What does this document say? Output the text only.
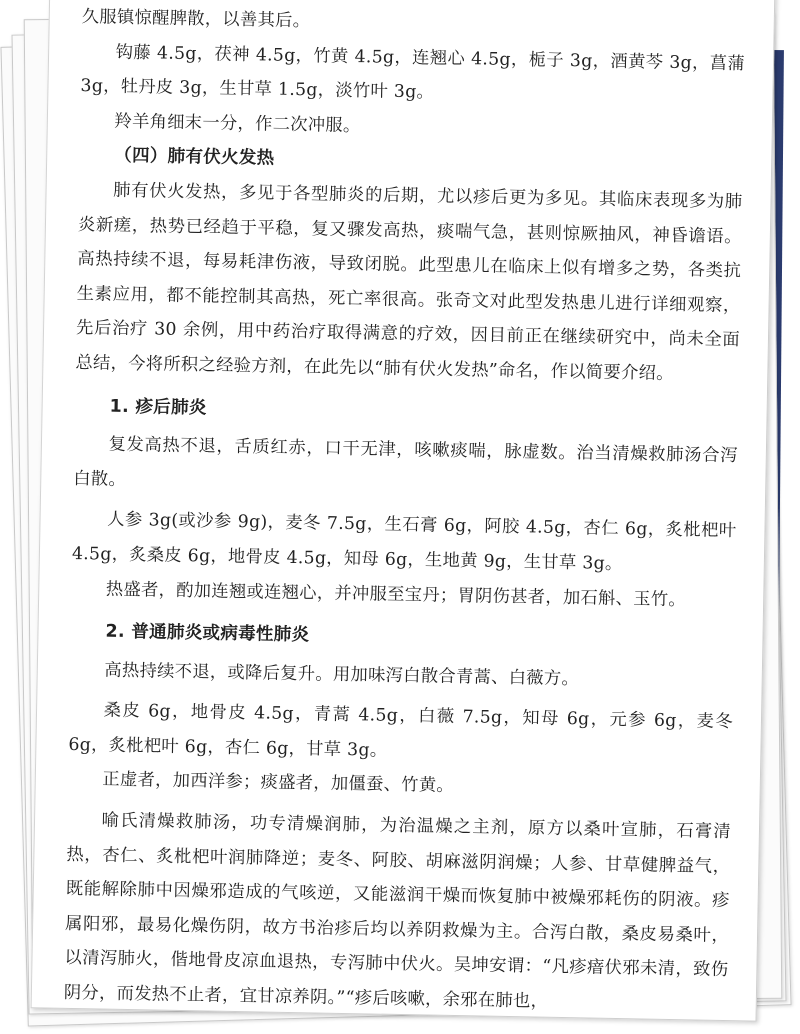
久服镇惊醒脾散，以善其后。

钩藤 4.5g，茯神 4.5g，竹黄 4.5g，连翘心 4.5g，栀子 3g，酒黄芩 3g，菖蒲 3g，牡丹皮 3g，生甘草 1.5g，淡竹叶 3g。

羚羊角细末一分，作二次冲服。

（四）肺有伏火发热

肺有伏火发热，多见于各型肺炎的后期，尤以疹后更为多见。其临床表现多为肺炎新瘥，热势已经趋于平稳，复又骤发高热，痰喘气急，甚则惊厥抽风，神昏谵语。高热持续不退，每易耗津伤液，导致闭脱。此型患儿在临床上似有增多之势，各类抗生素应用，都不能控制其高热，死亡率很高。张奇文对此型发热患儿进行详细观察，先后治疗 30 余例，用中药治疗取得满意的疗效，因目前正在继续研究中，尚未全面总结，今将所积之经验方剂，在此先以“肺有伏火发热”命名，作以简要介绍。

1. 疹后肺炎

复发高热不退，舌质红赤，口干无津，咳嗽痰喘，脉虚数。治当清燥救肺汤合泻白散。

人参 3g(或沙参 9g)，麦冬 7.5g，生石膏 6g，阿胶 4.5g，杏仁 6g，炙枇杷叶 4.5g，炙桑皮 6g，地骨皮 4.5g，知母 6g，生地黄 9g，生甘草 3g。

热盛者，酌加连翘或连翘心，并冲服至宝丹；胃阴伤甚者，加石斛、玉竹。

2. 普通肺炎或病毒性肺炎

高热持续不退，或降后复升。用加味泻白散合青蒿、白薇方。

桑皮 6g，地骨皮 4.5g，青蒿 4.5g，白薇 7.5g，知母 6g，元参 6g，麦冬 6g，炙枇杷叶 6g，杏仁 6g，甘草 3g。

正虚者，加西洋参；痰盛者，加僵蚕、竹黄。

喻氏清燥救肺汤，功专清燥润肺，为治温燥之主剂，原方以桑叶宣肺，石膏清热，杏仁、炙枇杷叶润肺降逆；麦冬、阿胶、胡麻滋阴润燥；人参、甘草健脾益气，既能解除肺中因燥邪造成的气咳逆，又能滋润干燥而恢复肺中被燥邪耗伤的阴液。疹属阳邪，最易化燥伤阴，故方书治疹后均以养阴救燥为主。合泻白散，桑皮易桑叶，以清泻肺火，偕地骨皮凉血退热，专泻肺中伏火。吴坤安谓：“凡疹瘖伏邪未清，致伤阴分，而发热不止者，宜甘凉养阴。”“疹后咳嗽，余邪在肺也，
